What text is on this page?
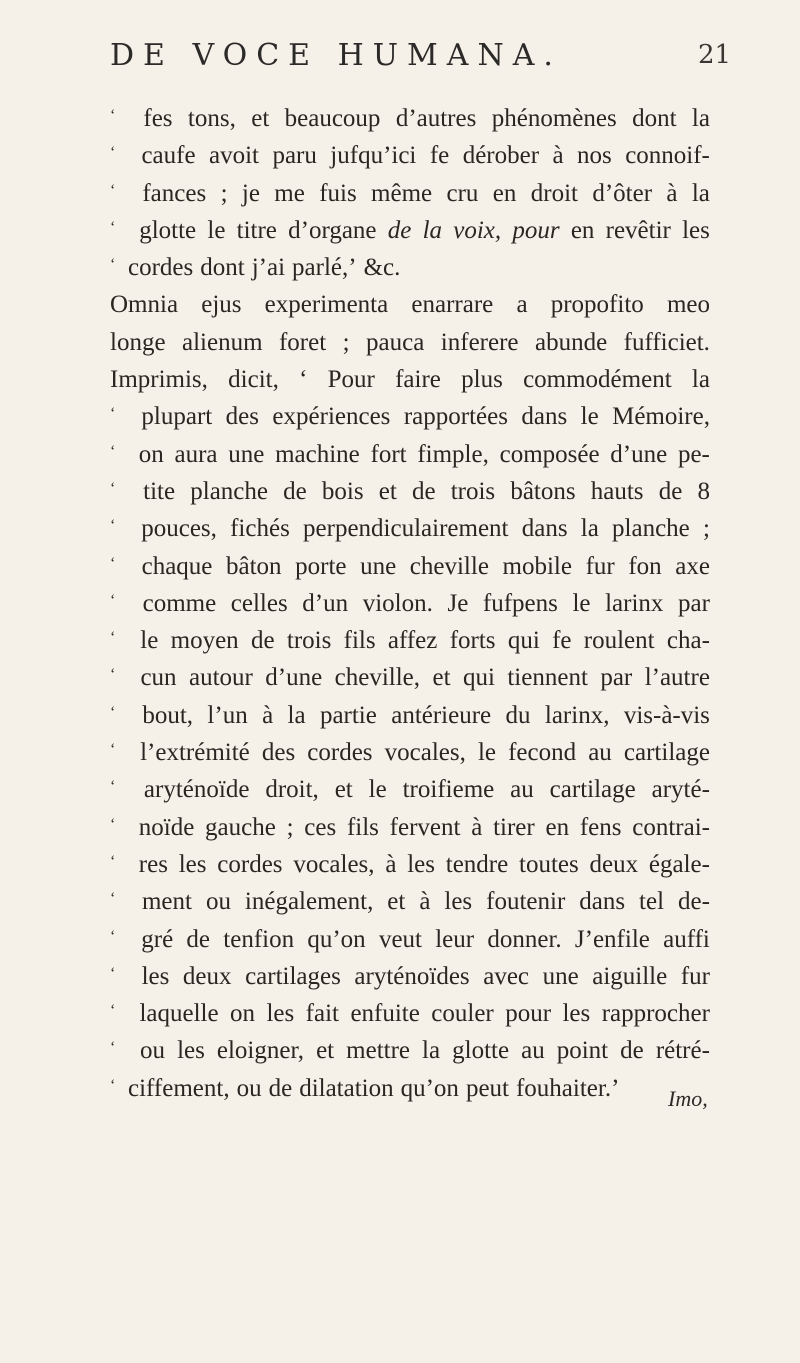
DE VOCE HUMANA.	21
‘	fes tons, et beaucoup d’autres phénomènes dont la
‘	caufe avoit paru jufqu’ici fe dérober à nos connoif-
‘	fances ; je me fuis même cru en droit d’ôter à la
‘ glotte le titre d’organe de la voix, pour en revêtir les
‘ cordes dont j’ai parlé,’ &c.
Omnia ejus experimenta enarrare a propofito meo
longe alienum foret ; pauca inferere abunde fufficiet.
Imprimis, dicit, ‘ Pour faire plus commodément la
‘	plupart des expériences rapportées dans le Mémoire,
‘ on aura une machine fort fimple, composée d’une pe-
‘	tite planche de bois et de trois bâtons hauts de 8
‘	pouces, fichés perpendiculairement dans la planche ;
‘	chaque bâton porte une cheville mobile fur fon axe
‘	comme celles d’un violon. Je fufpens le larinx par
‘ le moyen de trois fils affez forts qui fe roulent cha-
‘	cun autour d’une cheville, et qui tiennent par l’autre
‘	bout, l’un à la partie antérieure du larinx, vis-à-vis
‘ l’extrémité des cordes vocales, le fecond au cartilage
‘	aryténoïde droit, et le troifieme au cartilage aryté-
‘ noïde gauche ; ces fils fervent à tirer en fens contrai-
‘ res les cordes vocales, à les tendre toutes deux égale-
‘	ment ou inégalement, et à les foutenir dans tel de-
‘	gré de tenfion qu’on veut leur donner. J’enfile auffi
‘	les deux cartilages aryténoïdes avec une aiguille fur
‘ laquelle on les fait enfuite couler pour les rapprocher
‘ ou les eloigner, et mettre la glotte au point de rétré-
‘ ciffement, ou de dilatation qu’on peut fouhaiter.’ Imo,
